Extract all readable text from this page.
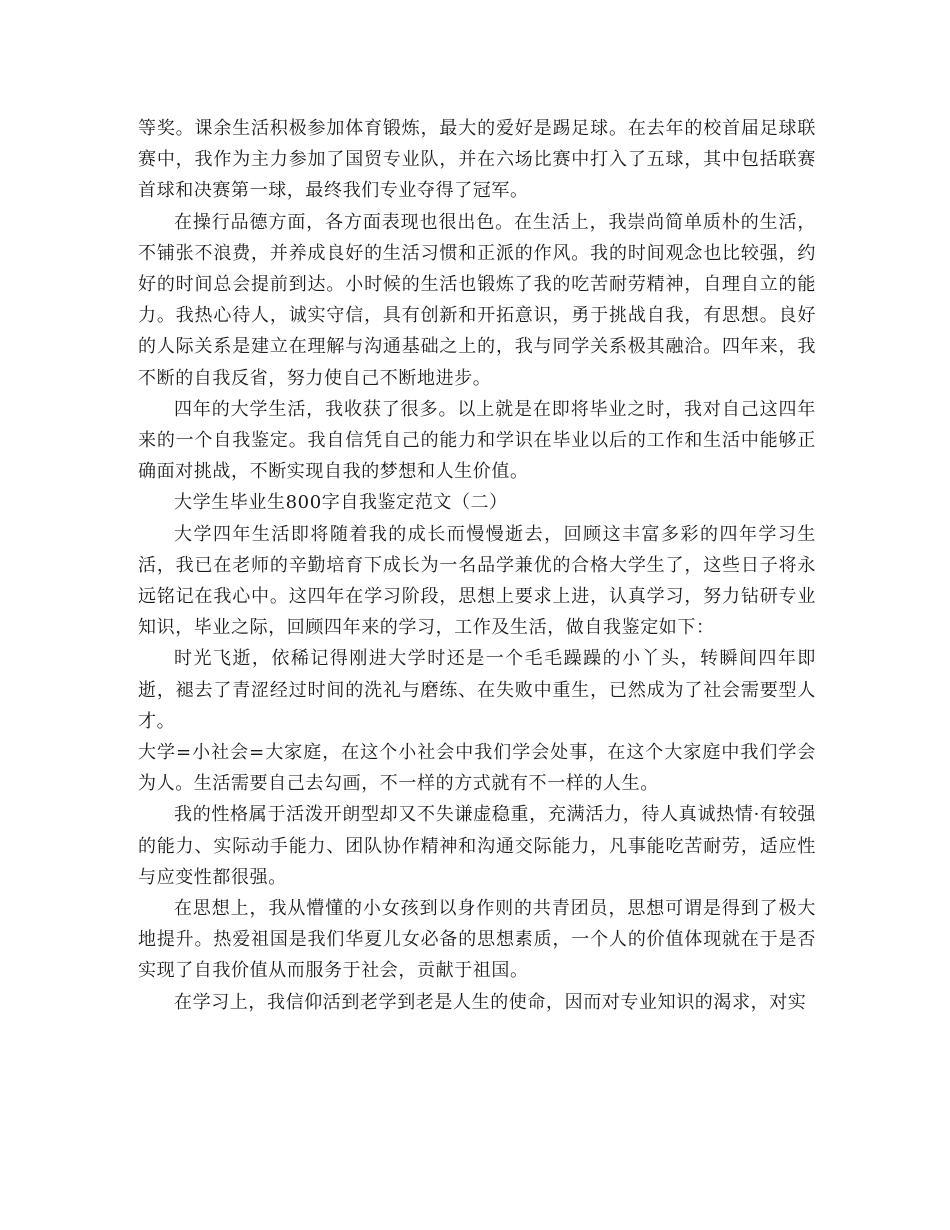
等奖。课余生活积极参加体育锻炼，最大的爱好是踢足球。在去年的校首届足球联赛中，我作为主力参加了国贸专业队，并在六场比赛中打入了五球，其中包括联赛首球和决赛第一球，最终我们专业夺得了冠军。

在操行品德方面，各方面表现也很出色。在生活上，我崇尚简单质朴的生活，不铺张不浪费，并养成良好的生活习惯和正派的作风。我的时间观念也比较强，约好的时间总会提前到达。小时候的生活也锻炼了我的吃苦耐劳精神，自理自立的能力。我热心待人，诚实守信，具有创新和开拓意识，勇于挑战自我，有思想。良好的人际关系是建立在理解与沟通基础之上的，我与同学关系极其融洽。四年来，我不断的自我反省，努力使自己不断地进步。

四年的大学生活，我收获了很多。以上就是在即将毕业之时，我对自己这四年来的一个自我鉴定。我自信凭自己的能力和学识在毕业以后的工作和生活中能够正确面对挑战，不断实现自我的梦想和人生价值。

大学生毕业生800字自我鉴定范文（二）

大学四年生活即将随着我的成长而慢慢逝去，回顾这丰富多彩的四年学习生活，我已在老师的辛勤培育下成长为一名品学兼优的合格大学生了，这些日子将永远铭记在我心中。这四年在学习阶段，思想上要求上进，认真学习，努力钻研专业知识，毕业之际，回顾四年来的学习，工作及生活，做自我鉴定如下：

时光飞逝，依稀记得刚进大学时还是一个毛毛躁躁的小丫头，转瞬间四年即逝，褪去了青涩经过时间的洗礼与磨练、在失败中重生，已然成为了社会需要型人才。

大学=小社会=大家庭，在这个小社会中我们学会处事，在这个大家庭中我们学会为人。生活需要自己去勾画，不一样的方式就有不一样的人生。

我的性格属于活泼开朗型却又不失谦虚稳重，充满活力，待人真诚热情·有较强的能力、实际动手能力、团队协作精神和沟通交际能力，凡事能吃苦耐劳，适应性与应变性都很强。

在思想上，我从懵懂的小女孩到以身作则的共青团员，思想可谓是得到了极大地提升。热爱祖国是我们华夏儿女必备的思想素质，一个人的价值体现就在于是否实现了自我价值从而服务于社会，贡献于祖国。

在学习上，我信仰活到老学到老是人生的使命，因而对专业知识的渴求，对实
